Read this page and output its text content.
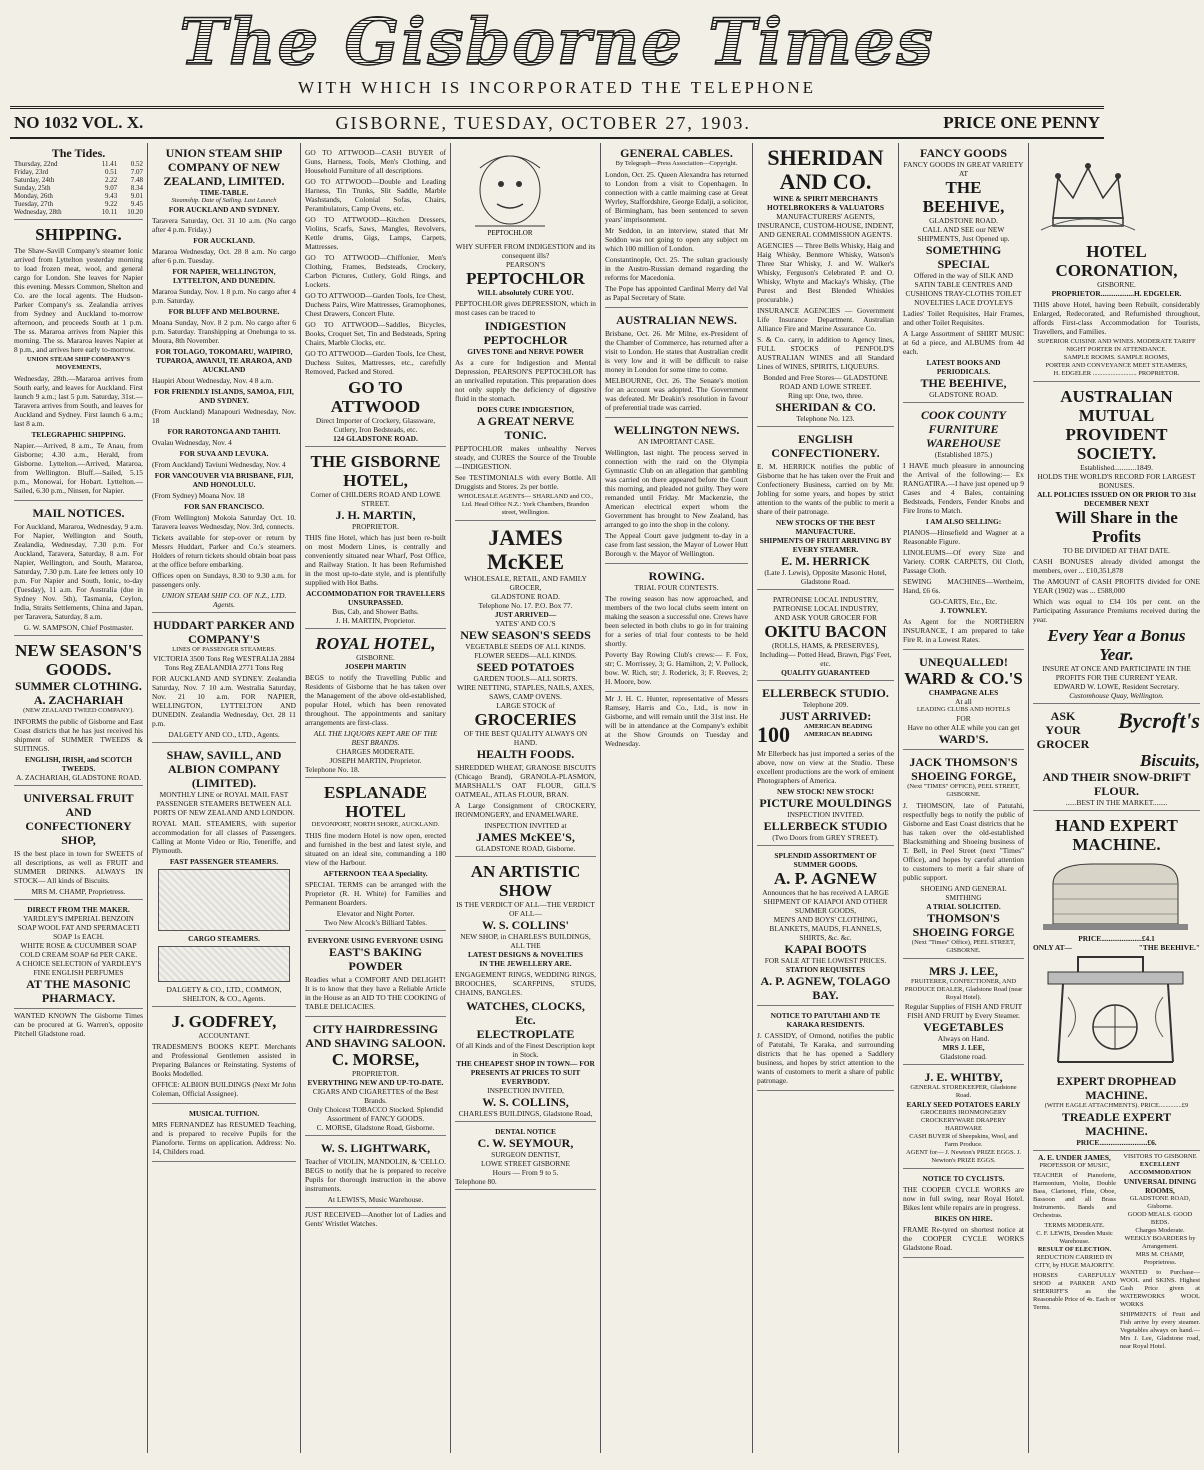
The Gisborne Times
WITH WHICH IS INCORPORATED THE TELEPHONE
NO 1032 VOL. X.	GISBORNE, TUESDAY, OCTOBER 27, 1903.	PRICE ONE PENNY
The Tides.
Thursday, 22nd	11.41	0.52
Friday, 23rd	0.51	7.07
Saturday, 24th	2.22	7.48
Sunday, 25th	9.07	8.34
Monday, 26th	9.43	9.01
Tuesday, 27th	9.22	9.45
Wednesday, 28th	10.11	10.20
SHIPPING.

The Shaw-Savill Company's steamer Ionic arrived from Lyttelton yesterday morning to load frozen meat, wool, and general cargo for London. She leaves for Napier this evening. Messrs Common, Shelton and Co. are the local agents. The Hudson-Parker Company's ss. Zealandia arrives from Sydney and Auckland to-morrow afternoon, and proceeds South at 1 p.m. The ss. Mararoa arrives from Napier this morning. The ss. Mararoa leaves Napier at 8 p.m., and arrives here early to-morrow.

UNION STEAM SHIP COMPANY'S MOVEMENTS,

Wednesday, 28th.—Mararoa arrives from South early, and leaves for Auckland. First launch 9 a.m.; last 5 p.m. Saturday, 31st.—Taravera arrives from South, and leaves for Auckland and Sydney. First launch 6 a.m.; last 8 a.m.

TELEGRAPHIC SHIPPING.

Napier.—Arrived, 8 a.m., Te Anau, from Gisborne; 4.30 a.m., Herald, from Gisborne. Lyttelton.—Arrived, Mararoa, from Wellington. Bluff.—Sailed, 5.15 p.m., Monowai, for Hobart. Lyttelton.—Sailed, 6.30 p.m., Ninsen, for Napier.

MAIL NOTICES.

For Auckland, Mararoa, Wednesday, 9 a.m. For Napier, Wellington and South, Zealandia, Wednesday, 7.30 p.m. For Auckland, Taravera, Saturday, 8 a.m. For Napier, Wellington, and South, Mararoa, Saturday, 7.30 p.m. Late fee letters only 10 p.m. For Napier and South, Ionic, to-day (Tuesday), 11 a.m. For Australia (due in Sydney Nov. 5th), Tasmania, Ceylon, India, Straits Settlements, China and Japan, per Taravera, Saturday, 8 a.m.

G. W. SAMPSON, Chief Postmaster.
NEW SEASON'S GOODS.
SUMMER CLOTHING.
A. ZACHARIAH
(NEW ZEALAND TWEED COMPANY).

INFORMS the public of Gisborne and East Coast districts that he has just received his shipment of SUMMER TWEEDS & SUITINGS.

ENGLISH, IRISH, and SCOTCH TWEEDS.
A. ZACHARIAH, GLADSTONE ROAD.
UNIVERSAL FRUIT AND CONFECTIONERY SHOP,

IS the best place in town for SWEETS of all descriptions, as well as FRUIT and SUMMER DRINKS. ALWAYS IN STOCK— All kinds of Biscuits.

MRS M. CHAMP, Proprietress.
DIRECT FROM THE MAKER.
YARDLEY'S IMPERIAL BENZOIN SOAP WOOL FAT AND SPERMACETI SOAP 1s EACH.
WHITE ROSE & CUCUMBER SOAP COLD CREAM SOAP 6d PER CAKE.
A CHOICE SELECTION of YARDLEY'S FINE ENGLISH PERFUMES
AT THE MASONIC PHARMACY.

WANTED KNOWN The Gisborne Times can be procured at G. Warren's, opposite Pitchell Gladstone road.

UNION STEAM SHIP COMPANY OF NEW ZEALAND, LIMITED.
TIME-TABLE.
Steamship. Date of Sailing. Last Launch
FOR AUCKLAND AND SYDNEY.

Taravera Saturday, Oct. 31 10 a.m. (No cargo after 4 p.m. Friday.)

FOR AUCKLAND.

Mararoa Wednesday, Oct. 28 8 a.m. No cargo after 6 p.m. Tuesday.

FOR NAPIER, WELLINGTON, LYTTELTON, AND DUNEDIN.

Mararoa Sunday, Nov. 1 8 p.m. No cargo after 4 p.m. Saturday.

FOR BLUFF AND MELBOURNE.

Moana Sunday, Nov. 8 2 p.m. No cargo after 6 p.m. Saturday. Transhipping at Onehunga to ss. Moura, 8th November.

FOR TOLAGO, TOKOMARU, WAIPIRO, TUPAROA, AWANUI, TE ARAROA, AND AUCKLAND

Haupiri About Wednesday, Nov. 4 8 a.m.

FOR FRIENDLY ISLANDS, SAMOA, FIJI, AND SYDNEY.

(From Auckland) Manapouri Wednesday, Nov. 18

FOR RAROTONGA AND TAHITI.

Ovalau Wednesday, Nov. 4

FOR SUVA AND LEVUKA.

(From Auckland) Taviuni Wednesday, Nov. 4

FOR VANCOUVER VIA BRISBANE, FIJI, AND HONOLULU.

(From Sydney) Moana Nov. 18

FOR SAN FRANCISCO.

(From Wellington) Mokoia Saturday Oct. 10. Taravera leaves Wednesday, Nov. 3rd, connects.

Tickets available for step-over or return by Messrs Huddart, Parker and Co.'s steamers. Holders of return tickets should obtain boat pass at the office before embarking.

Offices open on Sundays, 8.30 to 9.30 a.m. for passengers only.

UNION STEAM SHIP CO. OF N.Z., LTD. Agents.
HUDDART PARKER AND COMPANY'S
LINES OF PASSENGER STEAMERS.
VICTORIA 3500 Tons Reg WESTRALIA 2884 Tons Reg ZEALANDIA 2771 Tons Reg

FOR AUCKLAND AND SYDNEY. Zealandia Saturday, Nov. 7 10 a.m. Westralia Saturday, Nov. 21 10 a.m. FOR NAPIER, WELLINGTON, LYTTELTON AND DUNEDIN. Zealandia Wednesday, Oct. 28 11 p.m.

DALGETY AND CO., LTD., Agents.
SHAW, SAVILL, AND ALBION COMPANY (LIMITED).
MONTHLY LINE or ROYAL MAIL FAST PASSENGER STEAMERS BETWEEN ALL PORTS OF NEW ZEALAND AND LONDON.

ROYAL MAIL STEAMERS, with superior accommodation for all classes of Passengers. Calling at Monte Video or Rio, Teneriffe, and Plymouth.

FAST PASSENGER STEAMERS.
CARGO STEAMERS.
DALGETY & CO., LTD., COMMON, SHELTON, & CO., Agents.
J. GODFREY,
ACCOUNTANT.

TRADESMEN'S BOOKS KEPT. Merchants and Professional Gentlemen assisted in Preparing Balances or Reinstating. Systems of Books Modelled.

OFFICE: ALBION BUILDINGS (Next Mr John Coleman, Official Assignee).

MUSICAL TUITION.

MRS FERNANDEZ has RESUMED Teaching, and is prepared to receive Pupils for the Pianoforte. Terms on application. Address: No. 14, Childers road.

GO TO ATTWOOD—CASH BUYER of Guns, Harness, Tools, Men's Clothing, and Household Furniture of all descriptions.

GO TO ATTWOOD—Double and Leading Harness, Tin Trunks, Slit Saddle, Marble Washstands, Colonial Sofas, Chairs, Perambulators, Camp Ovens, etc.

GO TO ATTWOOD—Kitchen Dressers, Violins, Scarfs, Saws, Mangles, Revolvers, Kettle drums, Gigs, Lamps, Carpets, Mattresses.

GO TO ATTWOOD—Chiffonier, Men's Clothing, Frames, Bedsteads, Crockery, Carbon Pictures, Cutlery, Gold Rings, and Lockets.

GO TO ATTWOOD—Garden Tools, Ice Chest, Duchess Pairs, Wire Mattresses, Gramophones, Chest Drawers, Concert Flute.

GO TO ATTWOOD—Saddles, Bicycles, Books, Croquet Set, Tin and Bedsteads, Spring Chairs, Marble Clocks, etc.

GO TO ATTWOOD—Garden Tools, Ice Chest, Duchess Suites, Mattresses, etc., carefully Removed, Packed and Stored.

GO TO ATTWOOD
Direct Importer of Crockery, Glassware, Cutlery, Iron Bedsteads, etc.
124 GLADSTONE ROAD.
THE GISBORNE HOTEL,
Corner of CHILDERS ROAD AND LOWE STREET.
J. H. MARTIN,
PROPRIETOR.

THIS fine Hotel, which has just been re-built on most Modern Lines, is centrally and conveniently situated near Wharf, Post Office, and Railway Station. It has been Refurnished in the most up-to-date style, and is plentifully supplied with Hot Baths.

ACCOMMODATION FOR TRAVELLERS UNSURPASSED.
Bus, Cab, and Shower Baths.
J. H. MARTIN, Proprietor.
ROYAL HOTEL,
GISBORNE.
JOSEPH MARTIN

BEGS to notify the Travelling Public and Residents of Gisborne that he has taken over the Management of the above old-established, popular Hotel, which has been renovated throughout. The appointments and sanitary arrangements are first-class.

ALL THE LIQUORS KEPT ARE OF THE BEST BRANDS.
CHARGES MODERATE.
JOSEPH MARTIN, Proprietor.
Telephone No. 18.
ESPLANADE HOTEL
DEVONPORT, NORTH SHORE, AUCKLAND.

THIS fine modern Hotel is now open, erected and furnished in the best and latest style, and situated on an ideal site, commanding a 180 view of the Harbour.

AFTERNOON TEA A Speciality.

SPECIAL TERMS can be arranged with the Proprietor (R. H. White) for Families and Permanent Boarders.

Elevator and Night Porter.
Two New Alcock's Billiard Tables.
EVERYONE USING EVERYONE USING
EAST'S BAKING POWDER

Readies what a COMFORT AND DELIGHT! It is to know that they have a Reliable Article in the House as an AID TO THE COOKING of TABLE DELICACIES.

CITY HAIRDRESSING AND SHAVING SALOON.
C. MORSE,
PROPRIETOR.
EVERYTHING NEW AND UP-TO-DATE.
CIGARS AND CIGARETTES of the Best Brands.
Only Choicest TOBACCO Stocked. Splendid Assortment of FANCY GOODS.
C. MORSE, Gladstone Road, Gisborne.
W. S. LIGHTWARK,

Teacher of VIOLIN, MANDOLIN, & 'CELLO. BEGS to notify that he is prepared to receive Pupils for thorough instruction in the above instruments.

At LEWIS'S, Music Warehouse.

JUST RECEIVED—Another lot of Ladies and Gents' Wristlet Watches.

PEPTOCHLOR
WHY SUFFER FROM INDIGESTION and its consequent ills?
PEARSON'S
PEPTOCHLOR
WILL absolutely CURE YOU.

PEPTOCHLOR gives DEPRESSION, which in most cases can be traced to

INDIGESTION
PEPTOCHLOR
GIVES TONE and NERVE POWER

As a cure for Indigestion and Mental Depression, PEARSON'S PEPTOCHLOR has an unrivalled reputation. This preparation does not only supply the deficiency of digestive fluid in the stomach.

DOES CURE INDIGESTION,
A GREAT NERVE TONIC.

PEPTOCHLOR makes unhealthy Nerves steady, and CURES the Source of the Trouble—INDIGESTION.

See TESTIMONIALS with every Bottle. All Druggists and Stores. 2s per bottle.

WHOLESALE AGENTS— SHARLAND and CO., Ltd. Head Office N.Z.: York Chambers, Brandon street, Wellington.
JAMES McKEE
WHOLESALE, RETAIL, AND FAMILY GROCER,
GLADSTONE ROAD.
Telephone No. 17. P.O. Box 77.
JUST ARRIVED—
YATES' AND CO.'S
NEW SEASON'S SEEDS
VEGETABLE SEEDS OF ALL KINDS.
FLOWER SEEDS—ALL KINDS.
SEED POTATOES
GARDEN TOOLS—ALL SORTS.
WIRE NETTING, STAPLES, NAILS, AXES, SAWS, CAMP OVENS.
LARGE STOCK of
GROCERIES
OF THE BEST QUALITY ALWAYS ON HAND.
HEALTH FOODS.

SHREDDED WHEAT, GRANOSE BISCUITS (Chicago Brand), GRANOLA-PLASMON, MARSHALL'S OAT FLOUR, GILL'S OATMEAL, ATLAS FLOUR, BRAN.

A Large Consignment of CROCKERY, IRONMONGERY, and ENAMELWARE.

INSPECTION INVITED at
JAMES McKEE'S,
GLADSTONE ROAD, Gisborne.
AN ARTISTIC SHOW
IS THE VERDICT OF ALL—THE VERDICT OF ALL—
W. S. COLLINS'
NEW SHOP, in CHARLES'S BUILDINGS,
ALL THE
LATEST DESIGNS & NOVELTIES
IN THE JEWELLERY ARE.

ENGAGEMENT RINGS, WEDDING RINGS, BROOCHES, SCARFPINS, STUDS, CHAINS, BANGLES.

WATCHES, CLOCKS, Etc.
ELECTROPLATE
Of all Kinds and of the Finest Description kept in Stock.
THE CHEAPEST SHOP IN TOWN— FOR PRESENTS AT PRICES TO SUIT EVERYBODY.
INSPECTION INVITED,
W. S. COLLINS,
CHARLES'S BUILDINGS, Gladstone Road,
DENTAL NOTICE
C. W. SEYMOUR,
SURGEON DENTIST,
LOWE STREET GISBORNE
Hours — From 9 to 5.
Telephone 80.
GENERAL CABLES.
By Telegraph—Press Association—Copyright.

London, Oct. 25. Queen Alexandra has returned to London from a visit to Copenhagen. In connection with a cattle maiming case at Great Wyrley, Staffordshire, George Edalji, a solicitor, of Birmingham, has been sentenced to seven years' imprisonment.

Mr Seddon, in an interview, stated that Mr Seddon was not going to open any subject on which 100 million of London.

Constantinople, Oct. 25. The sultan graciously in the Austro-Russian demand regarding the reforms for Macedonia.

The Pope has appointed Cardinal Merry del Val as Papal Secretary of State.

AUSTRALIAN NEWS.

Brisbane, Oct. 26. Mr Milne, ex-President of the Chamber of Commerce, has returned after a visit to London. He states that Australian credit is very low and it will be difficult to raise money in London for some time to come.

MELBOURNE, Oct. 26. The Senate's motion for an account was adopted. The Government was defeated. Mr Deakin's resolution in favour of preferential trade was carried.

WELLINGTON NEWS.
AN IMPORTANT CASE.

Wellington, last night. The process served in connection with the raid on the Olympia Gymnastic Club on an allegation that gambling was carried on there appeared before the Court this morning, and pleaded not guilty. They were remanded until Friday. Mr Mackenzie, the American electrical expert whom the Government has brought to New Zealand, has arranged to go into the shop in the colony.

The Appeal Court gave judgment to-day in a case from last session, the Mayor of Lower Hutt Borough v. the Mayor of Wellington.

ROWING.
TRIAL FOUR CONTESTS.

The rowing season has now approached, and members of the two local clubs seem intent on making the season a successful one. Crews have been selected in both clubs to go in for training for a series of trial four contests to be held shortly.

Poverty Bay Rowing Club's crews:— F. Fox, str; C. Morrissey, 3; G. Hamilton, 2; V. Pollock, bow. W. Rich, str; J. Roderick, 3; F. Reeves, 2; H. Moore, bow.

Mr J. H. C. Hunter, representative of Messrs Ramsey, Harris and Co., Ltd., is now in Gisborne, and will remain until the 31st inst. He will be in attendance at the Company's exhibit at the Show Grounds on Tuesday and Wednesday.

SHERIDAN AND CO.
WINE & SPIRIT MERCHANTS HOTELBROKERS & VALUATORS
MANUFACTURERS' AGENTS, INSURANCE, CUSTOM-HOUSE, INDENT, AND GENERAL COMMISSION AGENTS.

AGENCIES — Three Bells Whisky, Haig and Haig Whisky, Benmore Whisky, Watson's Three Star Whisky, J. and W. Walker's Whisky, Ferguson's Celebrated P. and O. Whisky, Whyte and Mackay's Whisky, (The Purest and Best Blended Whiskies procurable.)

INSURANCE AGENCIES — Government Life Insurance Department. Australian Alliance Fire and Marine Assurance Co.

S. & Co. carry, in addition to Agency lines, FULL STOCKS of PENFOLD'S AUSTRALIAN WINES and all Standard Lines of WINES, SPIRITS, LIQUEURS.

Bonded and Free Stores— GLADSTONE ROAD AND LOWE STREET.
Ring up: One, two, three.
SHERIDAN & CO.
Telephone No. 123.
ENGLISH CONFECTIONERY.

E. M. HERRICK notifies the public of Gisborne that he has taken over the Fruit and Confectionery Business, carried on by Mr. Jobling for some years, and hopes by strict attention to the wants of the public to merit a share of their patronage.

NEW STOCKS OF THE BEST MANUFACTURE.
SHIPMENTS OF FRUIT ARRIVING BY EVERY STEAMER.
E. M. HERRICK
(Late J. Lewis), Opposite Masonic Hotel, Gladstone Road.
PATRONISE LOCAL INDUSTRY, PATRONISE LOCAL INDUSTRY,
AND ASK YOUR GROCER FOR
OKITU BACON
(ROLLS, HAMS, & PRESERVES), Including— Potted Head, Brawn, Pigs' Feet, etc.
QUALITY GUARANTEED
ELLERBECK STUDIO.
Telephone 209.
JUST ARRIVED:
100 AMERICAN BEADING AMERICAN BEADING

Mr Ellerbeck has just imported a series of the above, now on view at the Studio. These excellent productions are the work of eminent Photographers of America.

NEW STOCK! NEW STOCK!
PICTURE MOULDINGS
INSPECTION INVITED.
ELLERBECK STUDIO
(Two Doors from GREY STREET).
SPLENDID ASSORTMENT OF SUMMER GOODS.
A. P. AGNEW
Announces that he has received A LARGE SHIPMENT OF KAIAPOI AND OTHER SUMMER GOODS,
MEN'S AND BOYS' CLOTHING, BLANKETS, MAUDS, FLANNELS, SHIRTS, &c. &c.
KAPAI BOOTS
FOR SALE AT THE LOWEST PRICES.
STATION REQUISITES
A. P. AGNEW, TOLAGO BAY.
NOTICE TO PATUTAHI AND TE KARAKA RESIDENTS.

J. CASSIDY, of Ormond, notifies the public of Patutahi, Te Karaka, and surrounding districts that he has opened a Saddlery business, and hopes by strict attention to the wants of customers to merit a share of public patronage.

FANCY GOODS
FANCY GOODS IN GREAT VARIETY AT
THE BEEHIVE,
GLADSTONE ROAD.
CALL AND SEE our NEW SHIPMENTS, Just Opened up.
SOMETHING SPECIAL
Offered in the way of SILK AND SATIN TABLE CENTRES AND CUSHIONS TRAY-CLOTHS TOILET NOVELTIES LACE D'OYLEYS

Ladies' Toilet Requisites, Hair Frames, and other Toilet Requisites.

A Large Assortment of SHIRT MUSIC at 6d a piece, and ALBUMS from 4d each.

LATEST BOOKS AND PERIODICALS.
THE BEEHIVE,
GLADSTONE ROAD.
COOK COUNTY
FURNITURE WAREHOUSE
(Established 1875.)

I HAVE much pleasure in announcing the Arrival of the following:— Ex RANGATIRA.—I have just opened up 9 Cases and 4 Bales, containing Bedsteads, Fenders, Fender Knobs and Fire Irons to Match.

I AM ALSO SELLING:

PIANOS—Hinsefield and Wagner at a Reasonable Figure.

LINOLEUMS—Of every Size and Variety. CORK CARPETS, Oil Cloth, Passage Cloth.

SEWING MACHINES—Wertheim, Hand, £6 6s.

GO-CARTS, Etc., Etc.
J. TOWNLEY.

As Agent for the NORTHERN INSURANCE, I am prepared to take Fire R. in a Lowest Rates.

UNEQUALLED!
WARD & CO.'S
CHAMPAGNE ALES
At all
LEADING CLUBS AND HOTELS
FOR
Have no other ALE while you can get
WARD'S.
JACK THOMSON'S
SHOEING FORGE,
(Next "TIMES" OFFICE), PEEL STREET, GISBORNE.

J. THOMSON, late of Patutahi, respectfully begs to notify the public of Gisborne and East Coast districts that he has taken over the old-established Blacksmithing and Shoeing business of T. Bell, in Peel Street (next "Times" Office), and hopes by careful attention to customers to merit a fair share of public support.

SHOEING AND GENERAL SMITHING
A TRIAL SOLICITED.
THOMSON'S SHOEING FORGE
(Next "Times" Office), PEEL STREET, GISBORNE.
MRS J. LEE,
FRUITERER, CONFECTIONER, AND PRODUCE DEALER, Gladstone Road (near Royal Hotel).
Regular Supplies of FISH AND FRUIT FISH AND FRUIT by Every Steamer.
VEGETABLES
Always on Hand.
MRS J. LEE,
Gladstone road.
J. E. WHITBY,
GENERAL STOREKEEPER, Gladstone Road.
EARLY SEED POTATOES EARLY
GROCERIES IRONMONGERY CROCKERYWARE DRAPERY HARDWARE
CASH BUYER of Sheepskins, Wool, and Farm Produce.
AGENT for— J. Newton's PRIZE EGGS. J. Newton's PRIZE EGGS.
NOTICE TO CYCLISTS.

THE COOPER CYCLE WORKS are now in full swing, near Royal Hotel. Bikes lent while repairs are in progress.

BIKES ON HIRE.

FRAME Re-tyred on shortest notice at the COOPER CYCLE WORKS Gladstone Road.

HOTEL CORONATION,
GISBORNE.
PROPRIETOR..................H. EDGELER.

THIS above Hotel, having been Rebuilt, considerably Enlarged, Redecorated, and Refurnished throughout, affords First-class Accommodation for Tourists, Travellers, and Families.

SUPERIOR CUISINE AND WINES. MODERATE TARIFF
NIGHT PORTER IN ATTENDANCE.
SAMPLE ROOMS. SAMPLE ROOMS,
PORTER AND CONVEYANCE MEET STEAMERS,
H. EDGELER ........................... PROPRIETOR.
AUSTRALIAN MUTUAL PROVIDENT SOCIETY.
Established............1849.
HOLDS THE WORLD'S RECORD FOR LARGEST BONUSES.
ALL POLICIES ISSUED ON OR PRIOR TO 31st DECEMBER NEXT
Will Share in the Profits
TO BE DIVIDED AT THAT DATE.

CASH BONUSES already divided amongst the members, over ... £10,351,878

The AMOUNT of CASH PROFITS divided for ONE YEAR (1902) was ... £588,000

Which was equal to £34 10s per cent. on the Participating Assurance Premiums received during the year.

Every Year a Bonus Year.
INSURE AT ONCE AND PARTICIPATE IN THE PROFITS FOR THE CURRENT YEAR.
EDWARD W. LOWE, Resident Secretary.
Customhouse Quay, Wellington.
ASK YOUR GROCER
Bycroft's
Biscuits,
AND THEIR SNOW-DRIFT FLOUR.
......BEST IN THE MARKET........
HAND EXPERT MACHINE.
PRICE......................£4.1
ONLY AT—	"THE BEEHIVE."
EXPERT DROPHEAD MACHINE.
(WITH EAGLE ATTACHMENTS). PRICE..............£9
TREADLE EXPERT MACHINE.
PRICE..........................£6.
A. E. UNDER JAMES,
PROFESSOR OF MUSIC,

TEACHER of Pianoforte, Harmonium, Violin, Double Bass, Clarionet, Flute, Oboe, Bassoon and all Brass Instruments. Bands and Orchestras.

TERMS MODERATE.
C. F. LEWIS, Dresden Music Warehouse.
RESULT OF ELECTION.
REDUCTION CARRIED IN CITY, by HUGE MAJORITY.

HORSES CAREFULLY SHOD at PARKER AND SHERRIFF'S as the Reasonable Price of 4s. Each or Terms.

VISITORS TO GISBORNE
EXCELLENT ACCOMMODATION
UNIVERSAL DINING ROOMS,
GLADSTONE ROAD, Gisborne.
GOOD MEALS. GOOD BEDS.
Charges Moderate.
WEEKLY BOARDERS by Arrangement.
MRS M. CHAMP, Proprietress.

WANTED to Purchase—WOOL and SKINS. Highest Cash Price given at WATERWORKS WOOL WORKS

SHIPMENTS of Fruit and Fish arrive by every steamer. Vegetables always on hand.—Mrs J. Lee, Gladstone road, near Royal Hotel.
